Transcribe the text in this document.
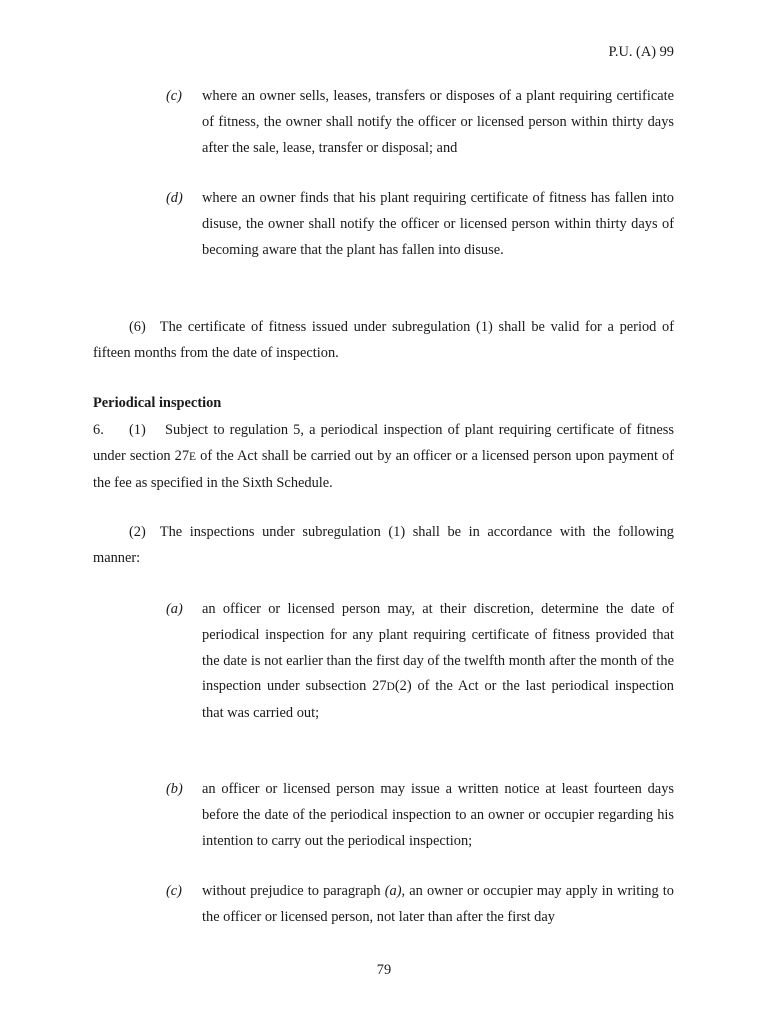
P.U. (A) 99
(c) where an owner sells, leases, transfers or disposes of a plant requiring certificate of fitness, the owner shall notify the officer or licensed person within thirty days after the sale, lease, transfer or disposal; and
(d) where an owner finds that his plant requiring certificate of fitness has fallen into disuse, the owner shall notify the officer or licensed person within thirty days of becoming aware that the plant has fallen into disuse.
(6) The certificate of fitness issued under subregulation (1) shall be valid for a period of fifteen months from the date of inspection.
Periodical inspection
6. (1) Subject to regulation 5, a periodical inspection of plant requiring certificate of fitness under section 27E of the Act shall be carried out by an officer or a licensed person upon payment of the fee as specified in the Sixth Schedule.
(2) The inspections under subregulation (1) shall be in accordance with the following manner:
(a) an officer or licensed person may, at their discretion, determine the date of periodical inspection for any plant requiring certificate of fitness provided that the date is not earlier than the first day of the twelfth month after the month of the inspection under subsection 27D(2) of the Act or the last periodical inspection that was carried out;
(b) an officer or licensed person may issue a written notice at least fourteen days before the date of the periodical inspection to an owner or occupier regarding his intention to carry out the periodical inspection;
(c) without prejudice to paragraph (a), an owner or occupier may apply in writing to the officer or licensed person, not later than after the first day
79
